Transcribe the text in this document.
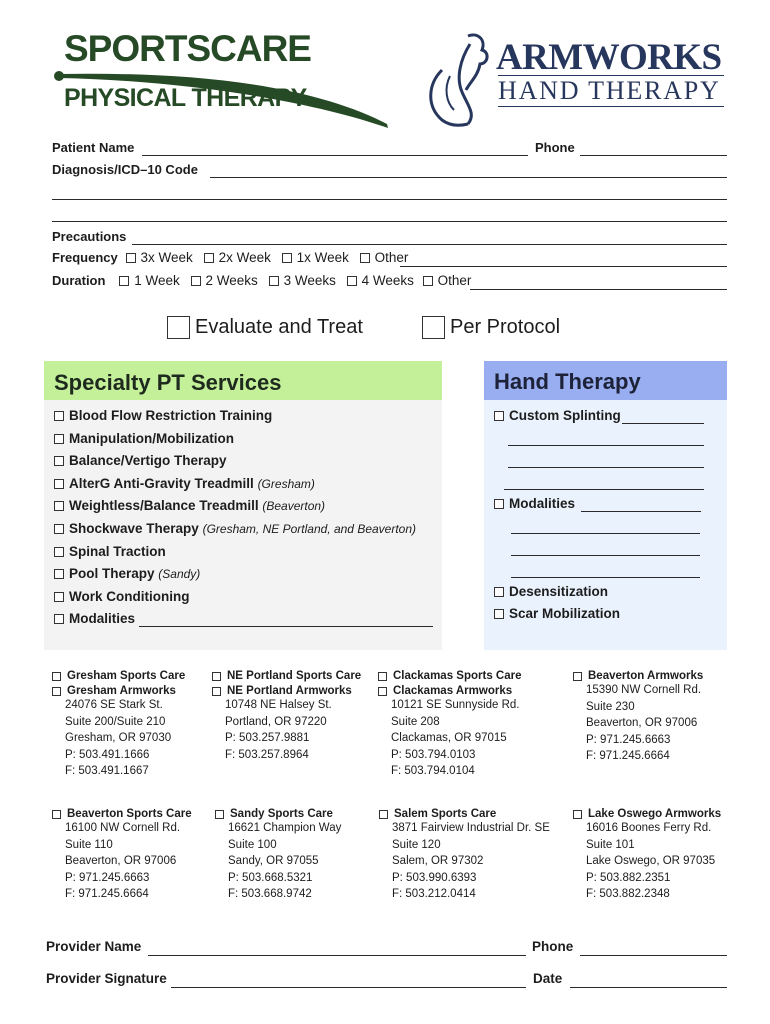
SPORTSCARE
PHYSICAL THERAPY
ARMWORKS
HAND THERAPY
Patient Name	Phone
Diagnosis/ICD–10 Code
Precautions
Frequency 3x Week 2x Week 1x Week Other
Duration 1 Week 2 Weeks 3 Weeks 4 Weeks Other
Evaluate and Treat	Per Protocol
Specialty PT Services
Blood Flow Restriction Training
Manipulation/Mobilization
Balance/Vertigo Therapy
AlterG Anti-Gravity Treadmill (Gresham)
Weightless/Balance Treadmill (Beaverton)
Shockwave Therapy (Gresham, NE Portland, and Beaverton)
Spinal Traction
Pool Therapy (Sandy)
Work Conditioning
Modalities
Hand Therapy
Custom Splinting
Modalities
Desensitization
Scar Mobilization
Gresham Sports Care
Gresham Armworks
24076 SE Stark St.
Suite 200/Suite 210
Gresham, OR 97030
P: 503.491.1666
F: 503.491.1667
NE Portland Sports Care
NE Portland Armworks
10748 NE Halsey St.
Portland, OR 97220
P: 503.257.9881
F: 503.257.8964
Clackamas Sports Care
Clackamas Armworks
10121 SE Sunnyside Rd.
Suite 208
Clackamas, OR 97015
P: 503.794.0103
F: 503.794.0104
Beaverton Armworks
15390 NW Cornell Rd.
Suite 230
Beaverton, OR 97006
P: 971.245.6663
F: 971.245.6664
Beaverton Sports Care
16100 NW Cornell Rd.
Suite 110
Beaverton, OR 97006
P: 971.245.6663
F: 971.245.6664
Sandy Sports Care
16621 Champion Way
Suite 100
Sandy, OR 97055
P: 503.668.5321
F: 503.668.9742
Salem Sports Care
3871 Fairview Industrial Dr. SE
Suite 120
Salem, OR 97302
P: 503.990.6393
F: 503.212.0414
Lake Oswego Armworks
16016 Boones Ferry Rd.
Suite 101
Lake Oswego, OR 97035
P: 503.882.2351
F: 503.882.2348
Provider Name	Phone
Provider Signature	Date
